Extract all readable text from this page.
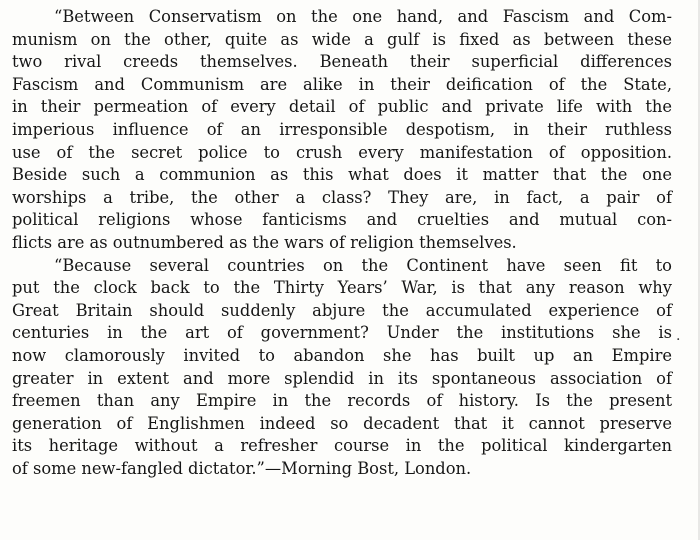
“Between Conservatism on the one hand, and Fascism and Com-
munism on the other, quite as wide a gulf is fixed as between these
two rival creeds themselves. Beneath their superficial differences
Fascism and Communism are alike in their deification of the State,
in their permeation of every detail of public and private life with the
imperious influence of an irresponsible despotism, in their ruthless
use of the secret police to crush every manifestation of opposition.
Beside such a communion as this what does it matter that the one
worships a tribe, the other a class? They are, in fact, a pair of
political religions whose fanticisms and cruelties and mutual con-
flicts are as outnumbered as the wars of religion themselves.

“Because several countries on the Continent have seen fit to
put the clock back to the Thirty Years’ War, is that any reason why
Great Britain should suddenly abjure the accumulated experience of
centuries in the art of government? Under the institutions she is
now clamorously invited to abandon she has built up an Empire
greater in extent and more splendid in its spontaneous association of
freemen than any Empire in the records of history. Is the present
generation of Englishmen indeed so decadent that it cannot preserve
its heritage without a refresher course in the political kindergarten
of some new-fangled dictator.”—Morning Bost, London.

.
